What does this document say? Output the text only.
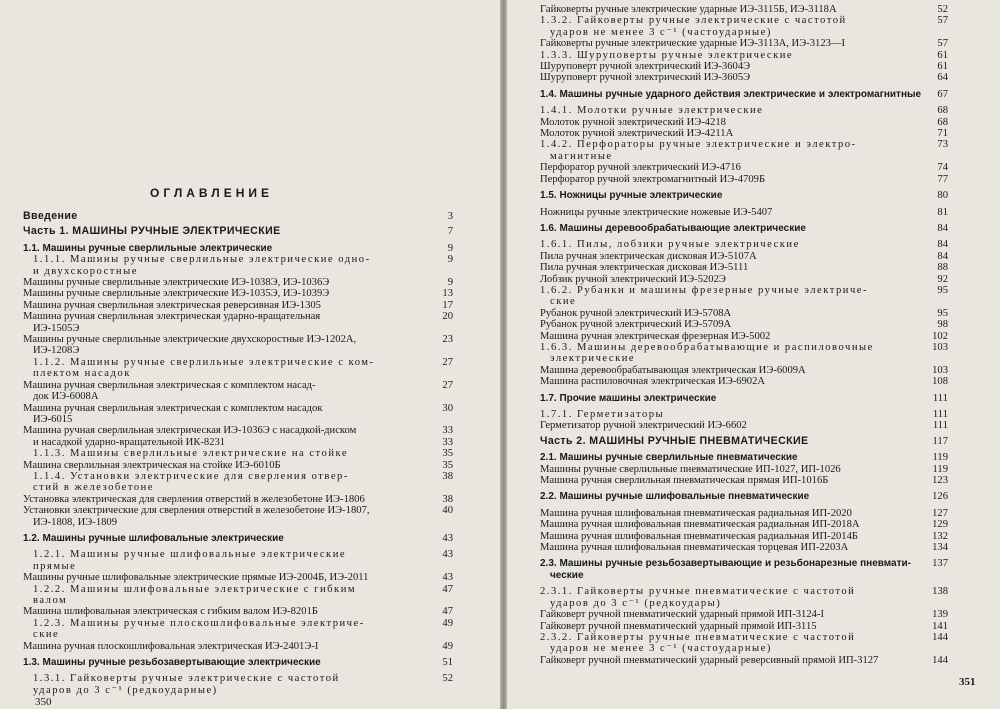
ОГЛАВЛЕНИЕ
Введение	3
Часть 1. МАШИНЫ РУЧНЫЕ ЭЛЕКТРИЧЕСКИЕ	7
1.1. Машины ручные сверлильные электрические	9
1.1.1. Машины ручные сверлильные электрические одно-	9
и двухскоростные
Машины ручные сверлильные электрические ИЭ-1038Э, ИЭ-1036Э	9
Машины ручные сверлильные электрические ИЭ-1035Э, ИЭ-1039Э	13
Машина ручная сверлильная электрическая реверсивная ИЭ-1305	17
Машина ручная сверлильная электрическая ударно-вращательная	20
ИЭ-1505Э
Машины ручные сверлильные электрические двухскоростные ИЭ-1202А,	23
ИЭ-1208Э
1.1.2. Машины ручные сверлильные электрические с ком-	27
плектом насадок
Машина ручная сверлильная электрическая с комплектом насад-	27
док ИЭ-6008А
Машина ручная сверлильная электрическая с комплектом насадок	30
ИЭ-6015
Машина ручная сверлильная электрическая ИЭ-1036Э с насадкой-диском	33
и насадкой ударно-вращательной ИК-8231	33
1.1.3. Машины сверлильные электрические на стойке	35
Машина сверлильная электрическая на стойке ИЭ-6010Б	35
1.1.4. Установки электрические для сверления отвер-	38
стий в железобетоне
Установка электрическая для сверления отверстий в железобетоне ИЭ-1806	38
Установки электрические для сверления отверстий в железобетоне ИЭ-1807,	40
ИЭ-1808, ИЭ-1809
1.2. Машины ручные шлифовальные электрические	43
1.2.1. Машины ручные шлифовальные электрические	43
прямые
Машины ручные шлифовальные электрические прямые ИЭ-2004Б, ИЭ-2011	43
1.2.2. Машины шлифовальные электрические с гибким	47
валом
Машина шлифовальная электрическая с гибким валом ИЭ-8201Б	47
1.2.3. Машины ручные плоскошлифовальные электриче-	49
ские
Машина ручная плоскошлифовальная электрическая ИЭ-2401Э-І	49
1.3. Машины ручные резьбозавертывающие электрические	51
1.3.1. Гайковерты ручные электрические с частотой	52
ударов до 3 с⁻¹ (редкоударные)
350
Гайковерты ручные электрические ударные ИЭ-3115Б, ИЭ-3118А	52
1.3.2. Гайковерты ручные электрические с частотой	57
ударов не менее 3 с⁻¹ (частоударные)
Гайковерты ручные электрические ударные ИЭ-3113А, ИЭ-3123—І	57
1.3.3. Шуруповерты ручные электрические	61
Шуруповерт ручной электрический ИЭ-3604Э	61
Шуруповерт ручной электрический ИЭ-3605Э	64
1.4. Машины ручные ударного действия электрические и электромагнитные 67
1.4.1. Молотки ручные электрические	68
Молоток ручной электрический ИЭ-4218	68
Молоток ручной электрический ИЭ-4211А	71
1.4.2. Перфораторы ручные электрические и электро-	73
магнитные
Перфоратор ручной электрический ИЭ-4716	74
Перфоратор ручной электромагнитный ИЭ-4709Б	77
1.5. Ножницы ручные электрические	80
Ножницы ручные электрические ножевые ИЭ-5407	81
1.6. Машины деревообрабатывающие электрические	84
1.6.1. Пилы, лобзики ручные электрические	84
Пила ручная электрическая дисковая ИЭ-5107А	84
Пила ручная электрическая дисковая ИЭ-5111	88
Лобзик ручной электрический ИЭ-5202Э	92
1.6.2. Рубанки и машины фрезерные ручные электриче-	95
ские
Рубанок ручной электрический ИЭ-5708А	95
Рубанок ручной электрический ИЭ-5709А	98
Машина ручная электрическая фрезерная ИЭ-5002	102
1.6.3. Машины деревообрабатывающие и распиловочные	103
электрические
Машина деревообрабатывающая электрическая ИЭ-6009А	103
Машина распиловочная электрическая ИЭ-6902А	108
1.7. Прочие машины электрические	111
1.7.1. Герметизаторы	111
Герметизатор ручной электрический ИЭ-6602	111
Часть 2. МАШИНЫ РУЧНЫЕ ПНЕВМАТИЧЕСКИЕ	117
2.1. Машины ручные сверлильные пневматические	119
Машины ручные сверлильные пневматические ИП-1027, ИП-1026	119
Машина ручная сверлильная пневматическая прямая ИП-1016Б	123
2.2. Машины ручные шлифовальные пневматические	126
Машина ручная шлифовальная пневматическая радиальная ИП-2020	127
Машина ручная шлифовальная пневматическая радиальная ИП-2018А	129
Машина ручная шлифовальная пневматическая радиальная ИП-2014Б	132
Машина ручная шлифовальная пневматическая торцевая ИП-2203А	134
2.3. Машины ручные резьбозавертывающие и резьбонарезные пневмати- 137
ческие
2.3.1. Гайковерты ручные пневматические с частотой	138
ударов до 3 с⁻¹ (редкоудары)
Гайковерт ручной пневматический ударный прямой ИП-3124-І	139
Гайковерт ручной пневматический ударный прямой ИП-3115	141
2.3.2. Гайковерты ручные пневматические с частотой	144
ударов не менее 3 с⁻¹ (частоударные)
Гайковерт ручной пневматический ударный реверсивный прямой ИП-3127	144
351
